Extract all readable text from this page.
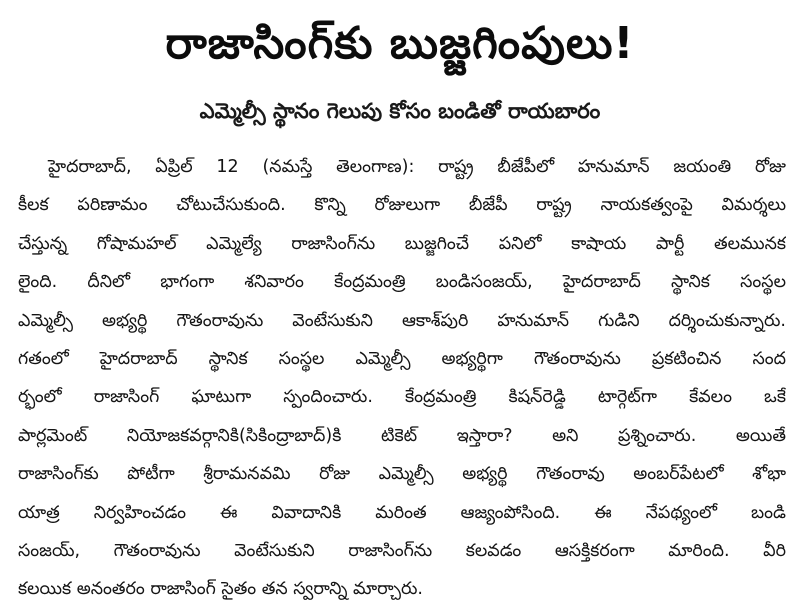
రాజాసింగ్‌కు బుజ్జగింపులు!
ఎమ్మెల్సీ స్థానం గెలుపు కోసం బండితో రాయబారం
హైదరాబాద్‌, ఏప్రిల్‌ 12 (నమస్తే తెలంగాణ): రాష్ట్ర బీజేపీలో హనుమాన్‌ జయంతి రోజు
కీలక పరిణామం చోటుచేసుకుంది. కొన్ని రోజులుగా బీజేపీ రాష్ట్ర నాయకత్వంపై విమర్శలు
చేస్తున్న గోషామహల్‌ ఎమ్మెల్యే రాజాసింగ్‌ను బుజ్జగించే పనిలో కాషాయ పార్టీ తలమునక
లైంది. దీనిలో భాగంగా శనివారం కేంద్రమంత్రి బండిసంజయ్‌, హైదరాబాద్‌ స్థానిక సంస్థల
ఎమ్మెల్సీ అభ్యర్థి గౌతంరావును వెంటేసుకుని ఆకాశ్‌పురి హనుమాన్‌ గుడిని దర్శించుకున్నారు.
గతంలో హైదరాబాద్‌ స్థానిక సంస్థల ఎమ్మెల్సీ అభ్యర్థిగా గౌతంరావును ప్రకటించిన సంద
ర్భంలో రాజాసింగ్‌ ఘాటుగా స్పందించారు. కేంద్రమంత్రి కిషన్‌రెడ్డి టార్గెట్‌గా కేవలం ఒకే
పార్లమెంట్‌ నియోజకవర్గానికి(సికింద్రాబాద్‌)కి టికెట్‌ ఇస్తారా? అని ప్రశ్నించారు. అయితే
రాజాసింగ్‌కు పోటీగా శ్రీరామనవమి రోజు ఎమ్మెల్సీ అభ్యర్థి గౌతంరావు అంబర్‌పేటలో శోభా
యాత్ర నిర్వహించడం ఈ వివాదానికి మరింత ఆజ్యంపోసింది. ఈ నేపథ్యంలో బండి
సంజయ్‌, గౌతంరావును వెంటేసుకుని రాజాసింగ్‌ను కలవడం ఆసక్తికరంగా మారింది. వీరి
కలయిక అనంతరం రాజాసింగ్‌ సైతం తన స్వరాన్ని మార్చారు.
